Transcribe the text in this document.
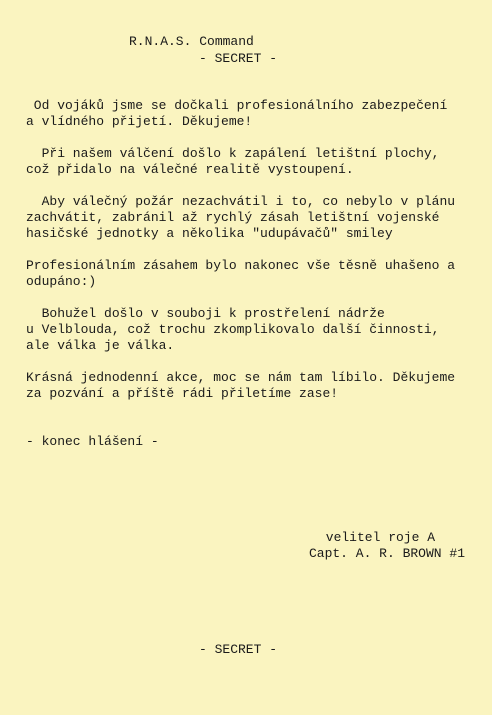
R.N.A.S. Command
- SECRET -
Od vojáků jsme se dočkali profesionálního zabezpečení
a vlídného přijetí. Děkujeme!
Při našem válčení došlo k zapálení letištní plochy,
což přidalo na válečné realitě vystoupení.
Aby válečný požár nezachvátil i to, co nebylo v plánu
zachvátit, zabránil až rychlý zásah letištní vojenské
hasičské jednotky a několika "udupávačů" smiley
Profesionálním zásahem bylo nakonec vše těsně uhašeno a
odupáno:)
Bohužel došlo v souboji k prostřelení nádrže
u Velblouda, což trochu zkomplikovalo další činnosti,
ale válka je válka.
Krásná jednodenní akce, moc se nám tam líbilo. Děkujeme
za pozvání a příště rádi přiletíme zase!
- konec hlášení -
velitel roje A
Capt. A. R. BROWN #1
- SECRET -
